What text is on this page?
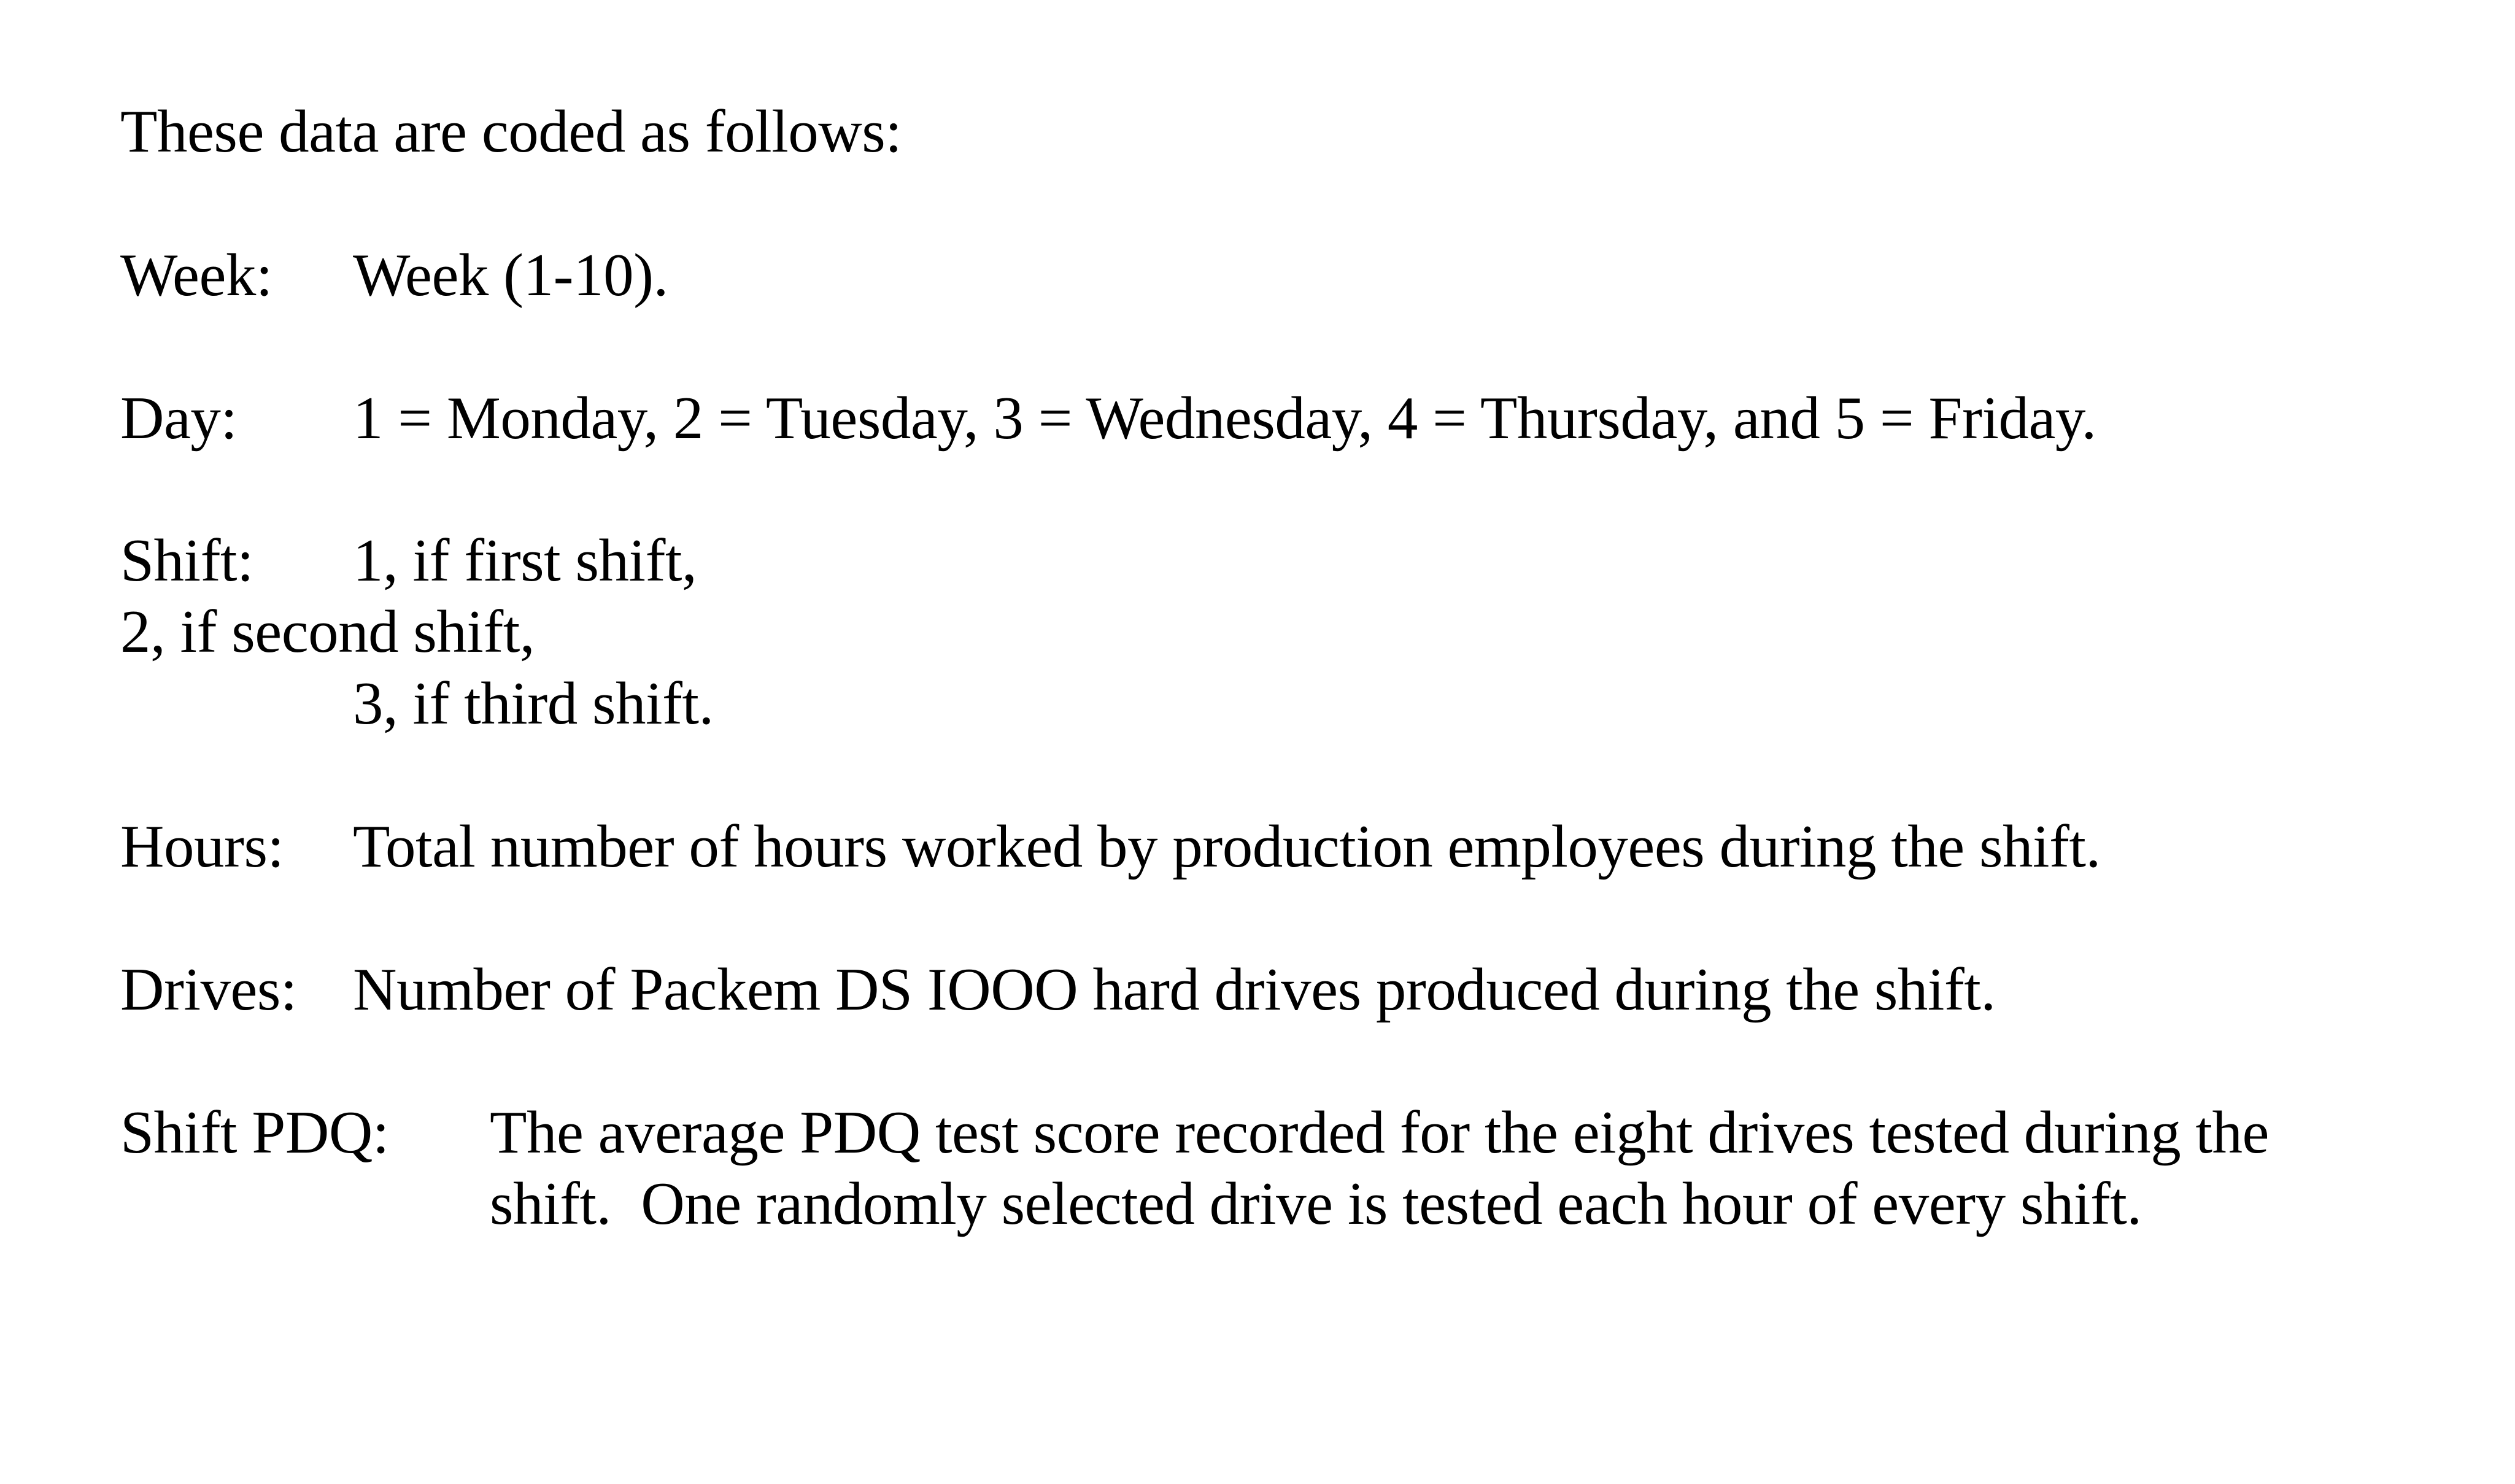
These data are coded as follows:
Week: Week (1-10).
Day: 1 = Monday, 2 = Tuesday, 3 = Wednesday, 4 = Thursday, and 5 = Friday.
Shift: 1, if first shift,
2, if second shift,
3, if third shift.
Hours: Total number of hours worked by production employees during the shift.
Drives: Number of Packem DS IOOO hard drives produced during the shift.
Shift PDQ: The average PDQ test score recorded for the eight drives tested during the
shift.  One randomly selected drive is tested each hour of every shift.
